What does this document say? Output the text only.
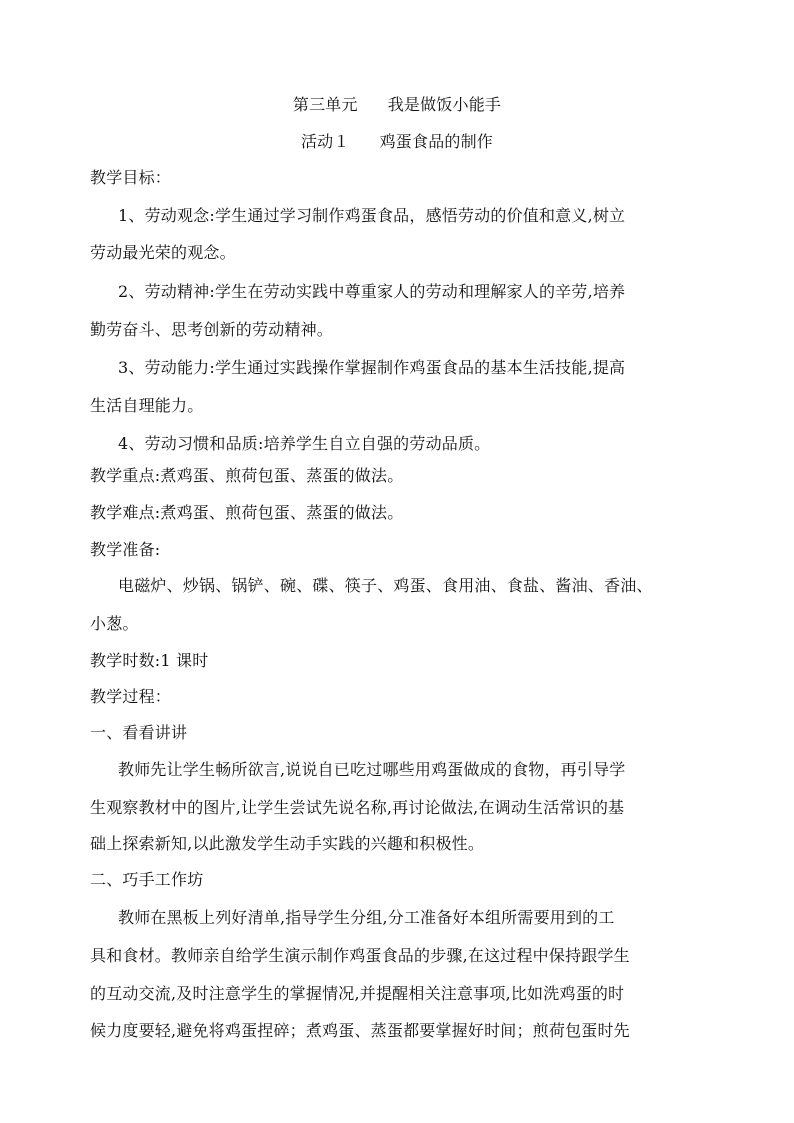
第三单元 我是做饭小能手
活动１ 鸡蛋食品的制作
教学目标：
1、劳动观念:学生通过学习制作鸡蛋食品，感悟劳动的价值和意义,树立
劳动最光荣的观念。
2、劳动精神:学生在劳动实践中尊重家人的劳动和理解家人的辛劳,培养
勤劳奋斗、思考创新的劳动精神。
3、劳动能力:学生通过实践操作掌握制作鸡蛋食品的基本生活技能,提高
生活自理能力。
4、劳动习惯和品质:培养学生自立自强的劳动品质。
教学重点:煮鸡蛋、煎荷包蛋、蒸蛋的做法。
教学难点:煮鸡蛋、煎荷包蛋、蒸蛋的做法。
教学准备:
电磁炉、炒锅、锅铲、碗、碟、筷子、鸡蛋、食用油、食盐、酱油、香油、
小葱。
教学时数:1 课时
教学过程：
一、看看讲讲
教师先让学生畅所欲言,说说自已吃过哪些用鸡蛋做成的食物，再引导学
生观察教材中的图片,让学生尝试先说名称,再讨论做法,在调动生活常识的基
础上探索新知,以此激发学生动手实践的兴趣和积极性。
二、巧手工作坊
教师在黑板上列好清单,指导学生分组,分工准备好本组所需要用到的工
具和食材。教师亲自给学生演示制作鸡蛋食品的步骤,在这过程中保持跟学生
的互动交流,及时注意学生的掌握情况,并提醒相关注意事项,比如洗鸡蛋的时
候力度要轻,避免将鸡蛋捏碎；煮鸡蛋、蒸蛋都要掌握好时间；煎荷包蛋时先
